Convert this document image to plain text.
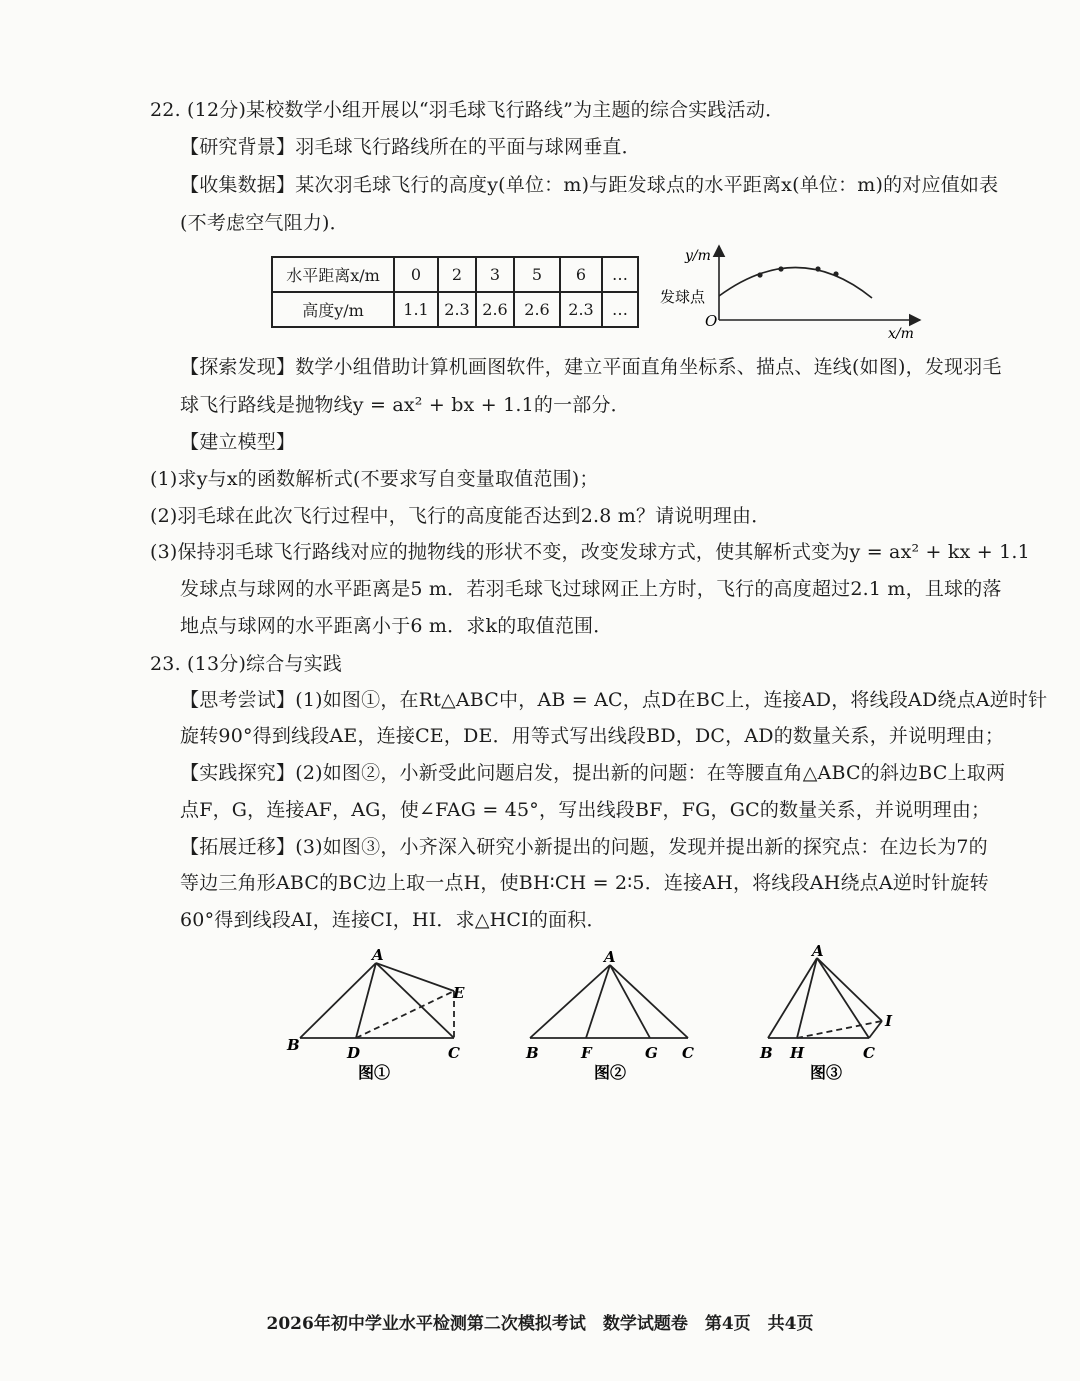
22. (12分)某校数学小组开展以“羽毛球飞行路线”为主题的综合实践活动．
【研究背景】羽毛球飞行路线所在的平面与球网垂直．
【收集数据】某次羽毛球飞行的高度y(单位：m)与距发球点的水平距离x(单位：m)的对应值如表
(不考虑空气阻力)．
水平距离x/m	0	2	3	5	6	…
高度y/m	1.1	2.3	2.6	2.6	2.3	…
y/m
发球点
O
x/m
【探索发现】数学小组借助计算机画图软件，建立平面直角坐标系、描点、连线(如图)，发现羽毛
球飞行路线是抛物线y = ax² + bx + 1.1的一部分．
【建立模型】
(1)求y与x的函数解析式(不要求写自变量取值范围)；
(2)羽毛球在此次飞行过程中，飞行的高度能否达到2.8 m？请说明理由．
(3)保持羽毛球飞行路线对应的抛物线的形状不变，改变发球方式，使其解析式变为y = ax² + kx + 1.1
发球点与球网的水平距离是5 m．若羽毛球飞过球网正上方时，飞行的高度超过2.1 m，且球的落
地点与球网的水平距离小于6 m．求k的取值范围．
23. (13分)综合与实践
【思考尝试】(1)如图①，在Rt△ABC中，AB = AC，点D在BC上，连接AD，将线段AD绕点A逆时针
旋转90°得到线段AE，连接CE，DE．用等式写出线段BD，DC，AD的数量关系，并说明理由；
【实践探究】(2)如图②，小新受此问题启发，提出新的问题：在等腰直角△ABC的斜边BC上取两
点F，G，连接AF，AG，使∠FAG = 45°，写出线段BF，FG，GC的数量关系，并说明理由；
【拓展迁移】(3)如图③，小齐深入研究小新提出的问题，发现并提出新的探究点：在边长为7的
等边三角形ABC的BC边上取一点H，使BH∶CH = 2∶5．连接AH，将线段AH绕点A逆时针旋转
60°得到线段AI，连接CI，HI．求△HCI的面积．
A
B	C
D
E
图①
A
B	F	G C
图②
A
B H	C
I
图③
2026年初中学业水平检测第二次模拟考试　数学试题卷　第4页　共4页
